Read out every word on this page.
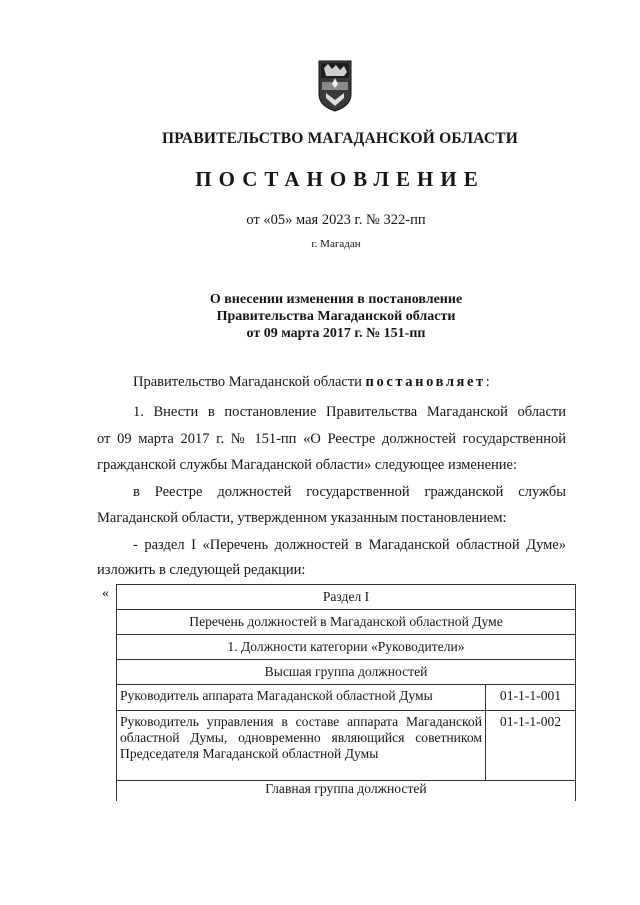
ПРАВИТЕЛЬСТВО МАГАДАНСКОЙ ОБЛАСТИ
ПОСТАНОВЛЕНИЕ
от «05» мая 2023 г. № 322-пп
г. Магадан
О внесении изменения в постановление
Правительства Магаданской области
от 09 марта 2017 г. № 151-пп
Правительство Магаданской области постановляет:
1. Внести в постановление Правительства Магаданской области
от 09 марта 2017 г. № 151-пп «О Реестре должностей государственной
гражданской службы Магаданской области» следующее изменение:
в Реестре должностей государственной гражданской службы
Магаданской области, утвержденном указанным постановлением:
- раздел I «Перечень должностей в Магаданской областной Думе»
изложить в следующей редакции:
«	Раздел I	
Перечень должностей в Магаданской областной Думе	
1. Должности категории «Руководители»	
Высшая группа должностей	
Руководитель аппарата Магаданской областной Думы	01-1-1-001
Руководитель управления в составе аппарата Магаданской областной Думы, одновременно являющийся советником Председателя Магаданской областной Думы	01-1-1-002
Главная группа должностей	
